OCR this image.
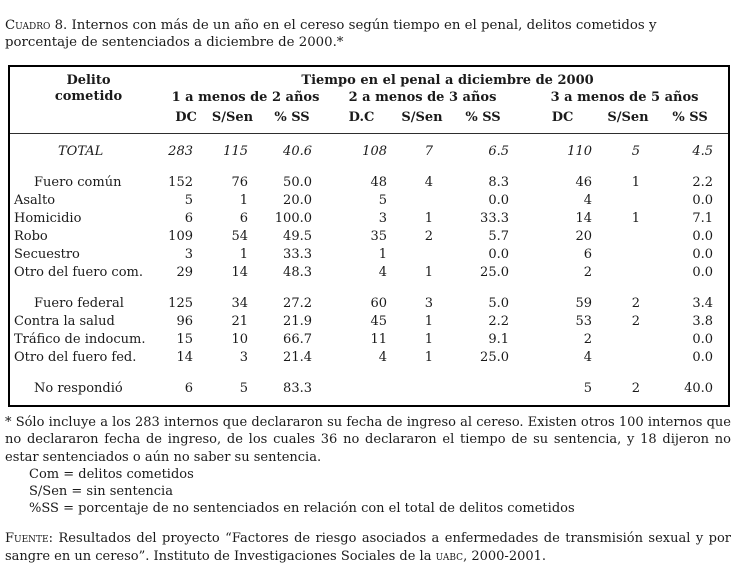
Cuadro 8. Internos con más de un año en el cereso según tiempo en el penal, delitos cometidos y porcentaje de sentenciados a diciembre de 2000.*

Delito
cometido	Tiempo en el penal a diciembre de 2000								
	1 a menos de 2 años			2 a menos de 3 años			3 a menos de 5 años		
	DC	S/Sen	% SS	D.C	S/Sen	% SS	DC	S/Sen	% SS
TOTAL	283	115	40.6	108	7	6.5	110	5	4.5

Fuero común	152	76	50.0	48	4	8.3	46	1	2.2
Asalto	5	1	20.0	5		0.0	4		0.0
Homicidio	6	6	100.0	3	1	33.3	14	1	7.1
Robo	109	54	49.5	35	2	5.7	20		0.0
Secuestro	3	1	33.3	1		0.0	6		0.0
Otro del fuero com.	29	14	48.3	4	1	25.0	2		0.0

Fuero federal	125	34	27.2	60	3	5.0	59	2	3.4
Contra la salud	96	21	21.9	45	1	2.2	53	2	3.8
Tráfico de indocum.	15	10	66.7	11	1	9.1	2		0.0
Otro del fuero fed.	14	3	21.4	4	1	25.0	4		0.0

No respondió	6	5	83.3				5	2	40.0

* Sólo incluye a los 283 internos que declararon su fecha de ingreso al cereso. Existen otros 100 internos que no declararon fecha de ingreso, de los cuales 36 no declararon el tiempo de su sentencia, y 18 dijeron no estar sentenciados o aún no saber su sentencia.

Com = delitos cometidos
S/Sen = sin sentencia
%SS = porcentaje de no sentenciados en relación con el total de delitos cometidos

Fuente: Resultados del proyecto “Factores de riesgo asociados a enfermedades de transmisión sexual y por sangre en un cereso”. Instituto de Investigaciones Sociales de la uabc, 2000-2001.
